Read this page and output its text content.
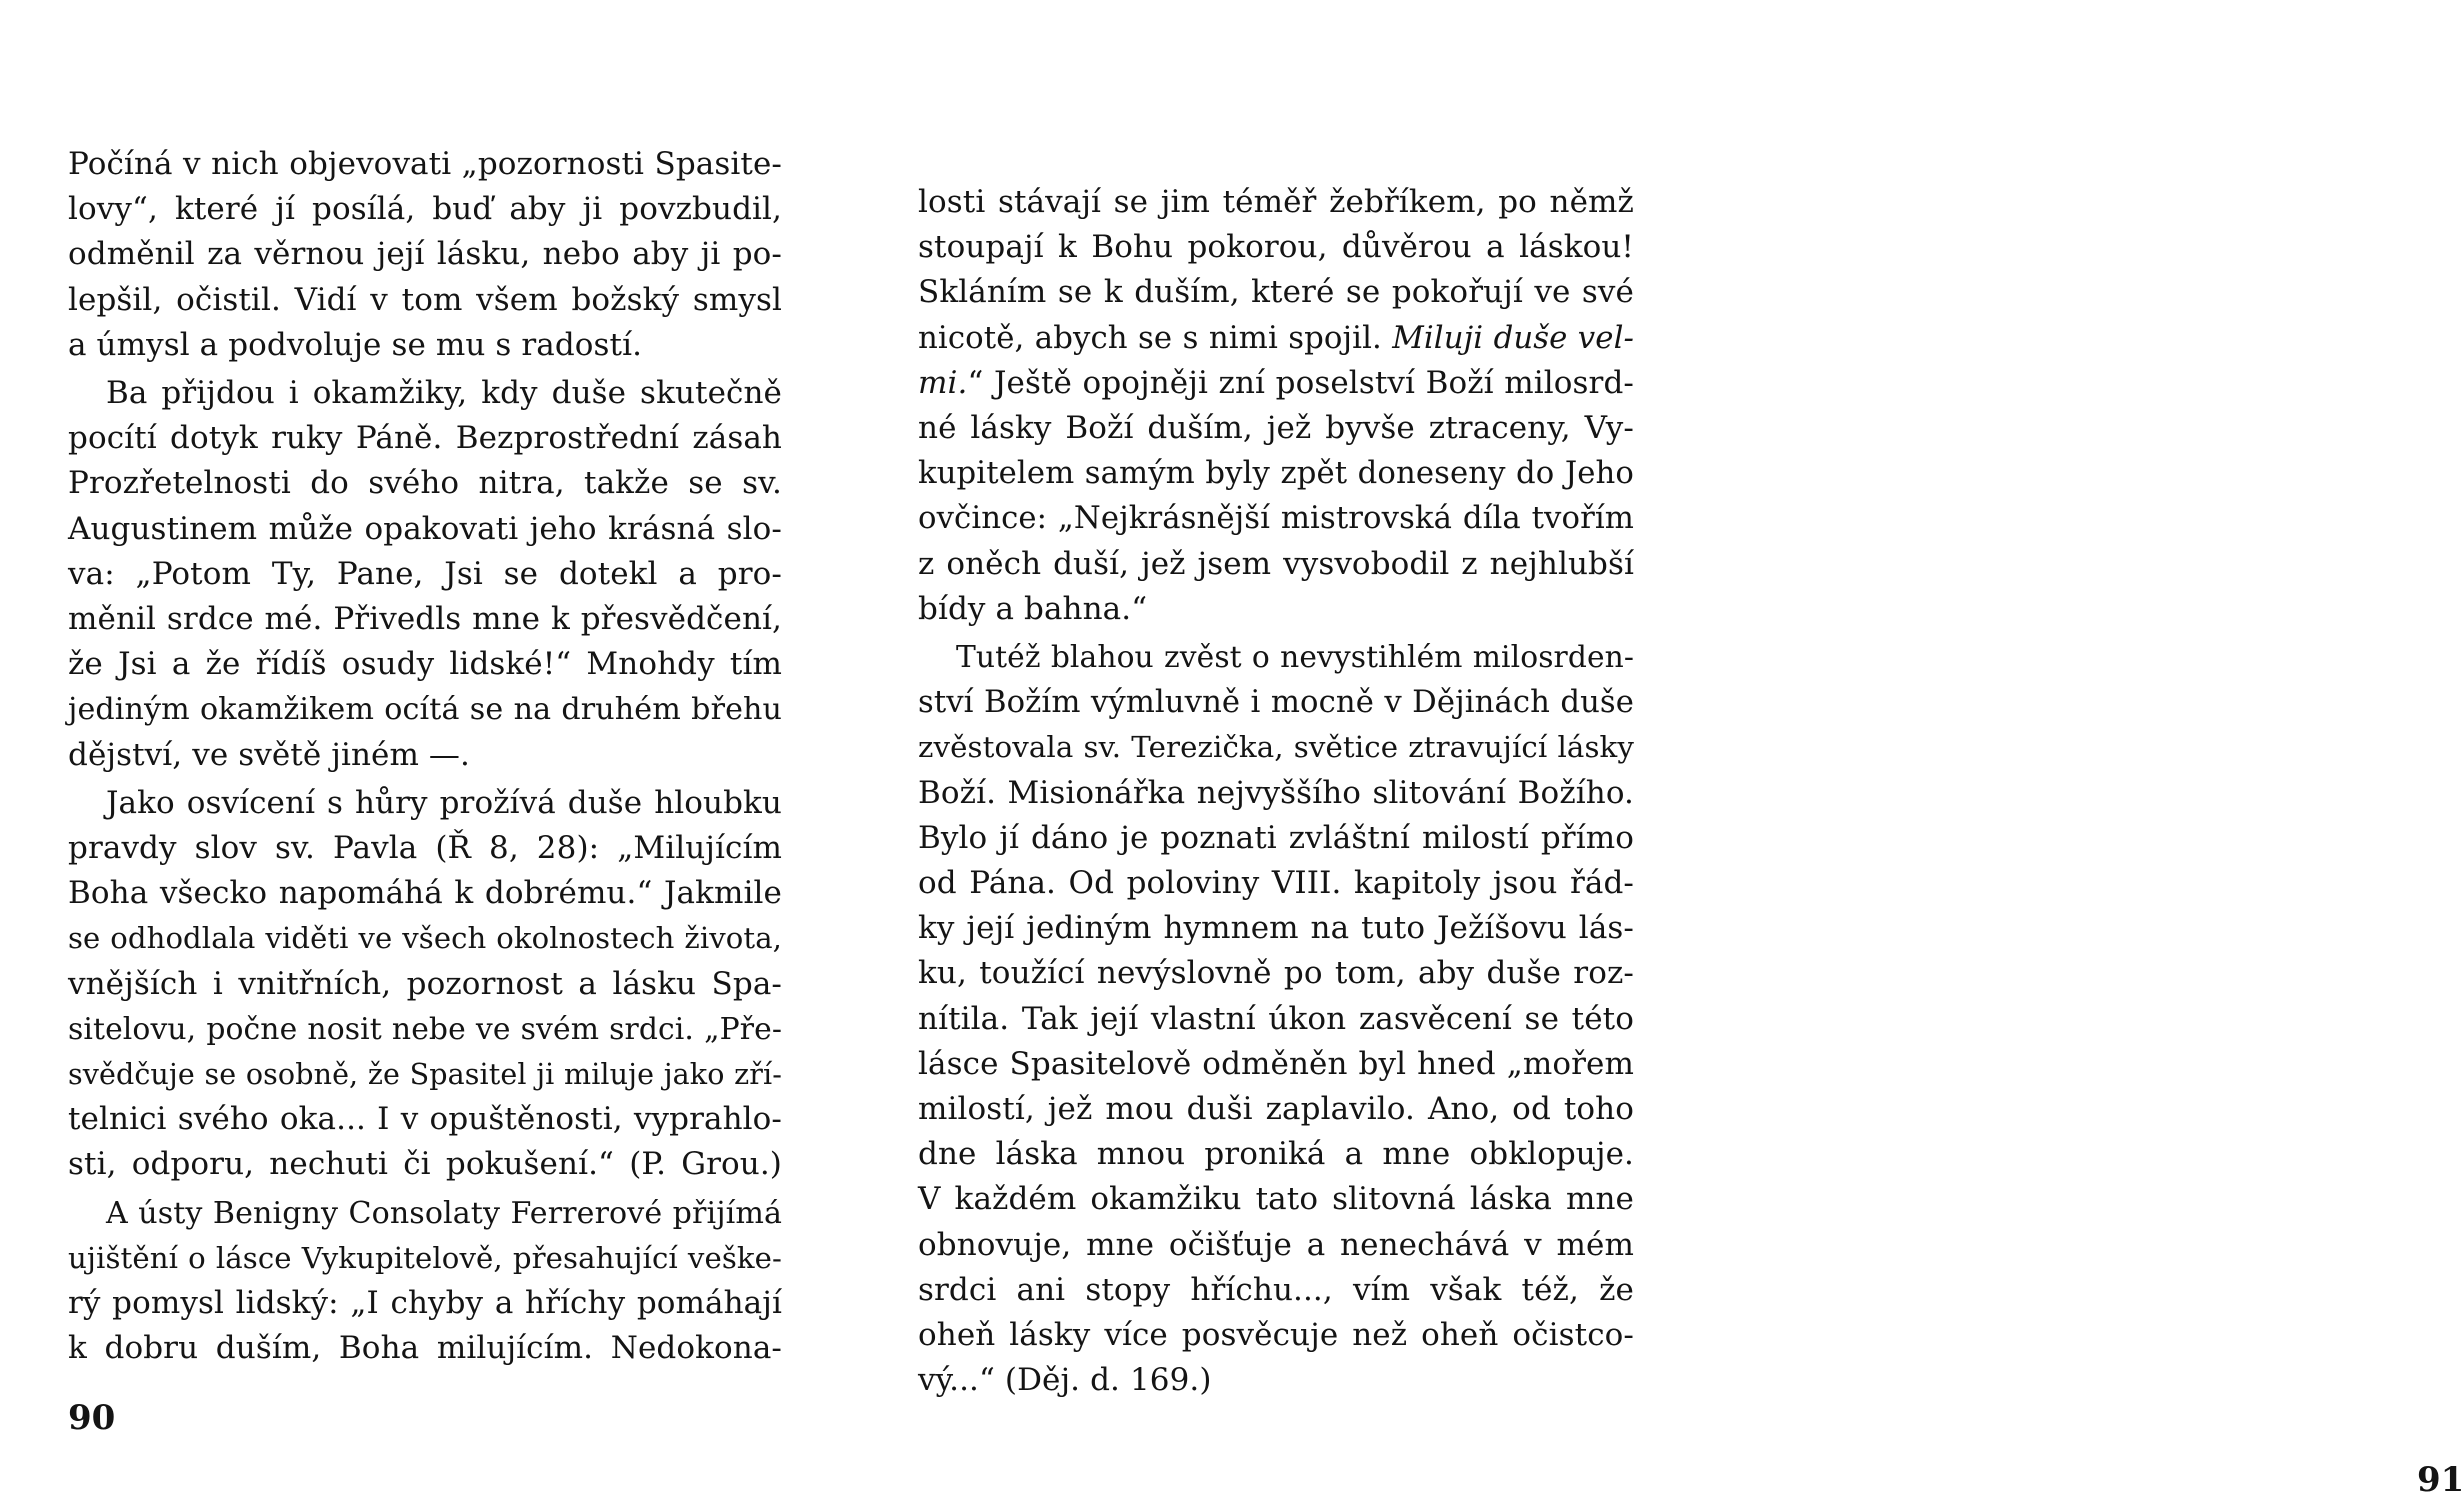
Počíná v nich objevovati „pozornosti Spasite-

lovy“, které jí posílá, buď aby ji povzbudil,

odměnil za věrnou její lásku, nebo aby ji po-

lepšil, očistil. Vidí v tom všem božský smysl

a úmysl a podvoluje se mu s radostí.

Ba přijdou i okamžiky, kdy duše skutečně

pocítí dotyk ruky Páně. Bezprostřední zásah

Prozřetelnosti do svého nitra, takže se sv.

Augustinem může opakovati jeho krásná slo-

va: „Potom Ty, Pane, Jsi se dotekl a pro-

měnil srdce mé. Přivedls mne k přesvědčení,

že Jsi a že řídíš osudy lidské!“ Mnohdy tím

jediným okamžikem ocítá se na druhém břehu

dějství, ve světě jiném —.

Jako osvícení s hůry prožívá duše hloubku

pravdy slov sv. Pavla (Ř 8, 28): „Milujícím

Boha všecko napomáhá k dobrému.“ Jakmile

se odhodlala viděti ve všech okolnostech života,

vnějších i vnitřních, pozornost a lásku Spa-

sitelovu, počne nosit nebe ve svém srdci. „Pře-

svědčuje se osobně, že Spasitel ji miluje jako zří-

telnici svého oka... I v opuštěnosti, vyprahlo-

sti, odporu, nechuti či pokušení.“ (P. Grou.)

A ústy Benigny Consolaty Ferrerové přijímá

ujištění o lásce Vykupitelově, přesahující veške-

rý pomysl lidský: „I chyby a hříchy pomáhají

k dobru duším, Boha milujícím. Nedokona-

90

losti stávají se jim téměř žebříkem, po němž

stoupají k Bohu pokorou, důvěrou a láskou!

Skláním se k duším, které se pokořují ve své

nicotě, abych se s nimi spojil. Miluji duše vel-

mi.“ Ještě opojněji zní poselství Boží milosrd-

né lásky Boží duším, jež byvše ztraceny, Vy-

kupitelem samým byly zpět doneseny do Jeho

ovčince: „Nejkrásnější mistrovská díla tvořím

z oněch duší, jež jsem vysvobodil z nejhlubší

bídy a bahna.“

Tutéž blahou zvěst o nevystihlém milosrden-

ství Božím výmluvně i mocně v Dějinách duše

zvěstovala sv. Terezička, světice ztravující lásky

Boží. Misionářka nejvyššího slitování Božího.

Bylo jí dáno je poznati zvláštní milostí přímo

od Pána. Od poloviny VIII. kapitoly jsou řád-

ky její jediným hymnem na tuto Ježíšovu lás-

ku, toužící nevýslovně po tom, aby duše roz-

nítila. Tak její vlastní úkon zasvěcení se této

lásce Spasitelově odměněn byl hned „mořem

milostí, jež mou duši zaplavilo. Ano, od toho

dne láska mnou proniká a mne obklopuje.

V každém okamžiku tato slitovná láska mne

obnovuje, mne očišťuje a nenechává v mém

srdci ani stopy hříchu..., vím však též, že

oheň lásky více posvěcuje než oheň očistco-

vý...“ (Děj. d. 169.)

91
